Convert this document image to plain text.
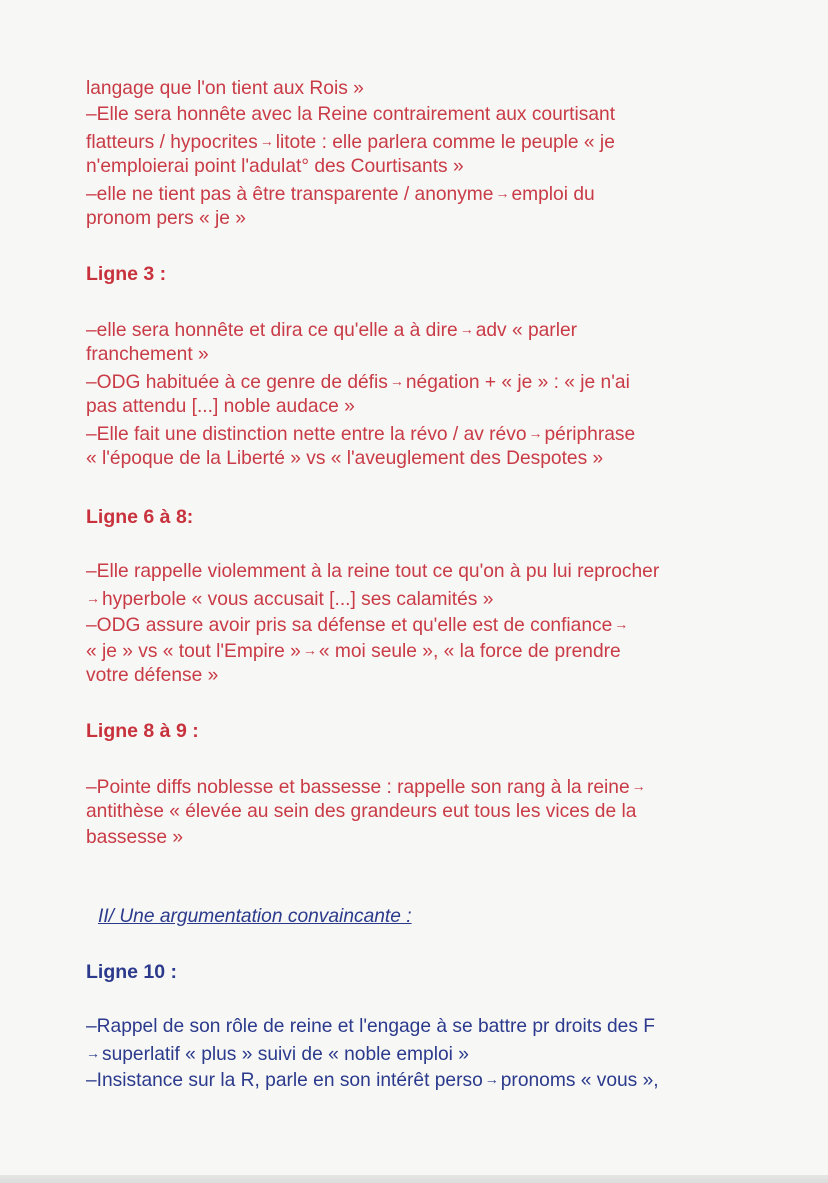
langage que l'on tient aux Rois »
–Elle sera honnête avec la Reine contrairement aux courtisant
flatteurs / hypocrites → litote : elle parlera comme le peuple « je
n'emploierai point l'adulat° des Courtisants »
–elle ne tient pas à être transparente / anonyme → emploi du
pronom pers « je »
Ligne 3 :
–elle sera honnête et dira ce qu'elle a à dire → adv « parler
franchement »
–ODG habituée à ce genre de défis → négation + « je » : « je n'ai
pas attendu [...] noble audace »
–Elle fait une distinction nette entre la révo / av révo → périphrase
« l'époque de la Liberté » vs « l'aveuglement des Despotes »
Ligne 6 à 8:
–Elle rappelle violemment à la reine tout ce qu'on à pu lui reprocher
→ hyperbole « vous accusait [...] ses calamités »
–ODG assure avoir pris sa défense et qu'elle est de confiance →
« je » vs « tout l'Empire » → « moi seule », « la force de prendre
votre défense »
Ligne 8 à 9 :
–Pointe diffs noblesse et bassesse : rappelle son rang à la reine →
antithèse « élevée au sein des grandeurs eut tous les vices de la
bassesse »
II/ Une argumentation convaincante :
Ligne 10 :
–Rappel de son rôle de reine et l'engage à se battre pr droits des F
→ superlatif « plus » suivi de « noble emploi »
–Insistance sur la R, parle en son intérêt perso → pronoms « vous »,
